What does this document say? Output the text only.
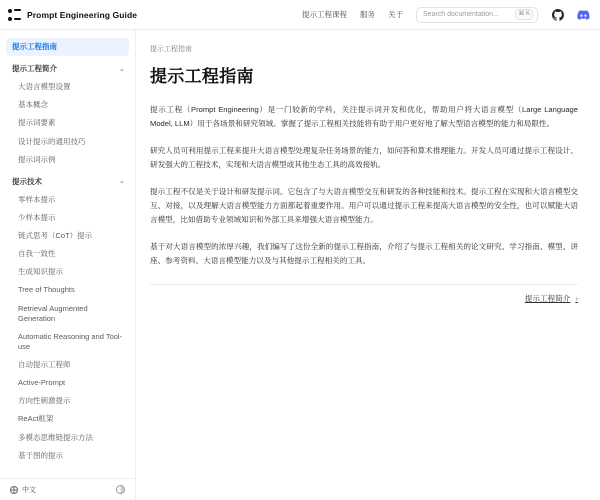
Prompt Engineering Guide	提示工程课程 服务 关于	Search documentation...	⌘ K
提示工程指南
提示工程简介	⌄
大语言模型设置
基本概念
提示词要素
设计提示的通用技巧
提示词示例
提示技术	⌄
零样本提示
少样本提示
链式思考（CoT）提示
自我一致性
生成知识提示
Tree of Thoughts
Retrieval Augmented Generation
Automatic Reasoning and Tool-use
自动提示工程师
Active-Prompt
方向性刺激提示
ReAct框架
多模态思维链提示方法
基于图的提示
中文
提示工程指南
提示工程指南

提示工程（Prompt Engineering）是一门较新的学科，关注提示词开发和优化，帮助用户将大语言模型（Large Language Model, LLM）用于各场景和研究领域。掌握了提示工程相关技能将有助于用户更好地了解大型语言模型的能力和局限性。

研究人员可利用提示工程来提升大语言模型处理复杂任务场景的能力，如问答和算术推理能力。开发人员可通过提示工程设计、研发强大的工程技术，实现和大语言模型或其他生态工具的高效接轨。

提示工程不仅是关于设计和研发提示词。它包含了与大语言模型交互和研发的各种技能和技术。提示工程在实现和大语言模型交互、对接，以及理解大语言模型能力方面都起着重要作用。用户可以通过提示工程来提高大语言模型的安全性，也可以赋能大语言模型，比如借助专业领域知识和外部工具来增强大语言模型能力。

基于对大语言模型的浓厚兴趣，我们编写了这份全新的提示工程指南，介绍了与提示工程相关的论文研究、学习指南、模型、讲座、参考资料、大语言模型能力以及与其他提示工程相关的工具。

提示工程简介 ›
